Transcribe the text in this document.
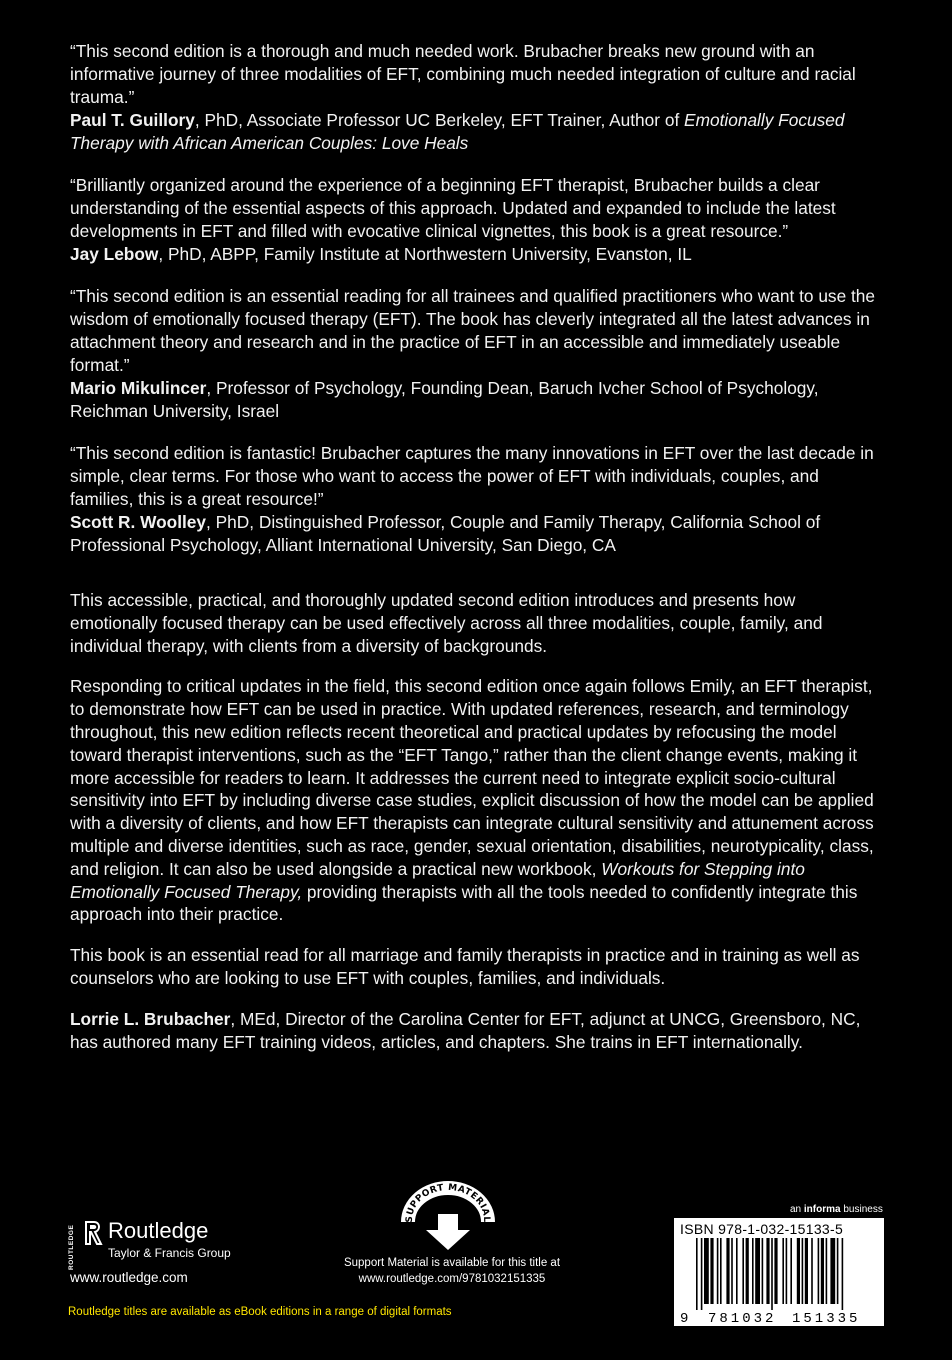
“This second edition is a thorough and much needed work. Brubacher breaks new ground with an informative journey of three modalities of EFT, combining much needed integration of culture and racial trauma.”
Paul T. Guillory, PhD, Associate Professor UC Berkeley, EFT Trainer, Author of Emotionally Focused Therapy with African American Couples: Love Heals
“Brilliantly organized around the experience of a beginning EFT therapist, Brubacher builds a clear understanding of the essential aspects of this approach. Updated and expanded to include the latest developments in EFT and filled with evocative clinical vignettes, this book is a great resource.”
Jay Lebow, PhD, ABPP, Family Institute at Northwestern University, Evanston, IL
“This second edition is an essential reading for all trainees and qualified practitioners who want to use the wisdom of emotionally focused therapy (EFT). The book has cleverly integrated all the latest advances in attachment theory and research and in the practice of EFT in an accessible and immediately useable format.”
Mario Mikulincer, Professor of Psychology, Founding Dean, Baruch Ivcher School of Psychology, Reichman University, Israel
“This second edition is fantastic! Brubacher captures the many innovations in EFT over the last decade in simple, clear terms. For those who want to access the power of EFT with individuals, couples, and families, this is a great resource!”
Scott R. Woolley, PhD, Distinguished Professor, Couple and Family Therapy, California School of Professional Psychology, Alliant International University, San Diego, CA

This accessible, practical, and thoroughly updated second edition introduces and presents how emotionally focused therapy can be used effectively across all three modalities, couple, family, and individual therapy, with clients from a diversity of backgrounds.

Responding to critical updates in the field, this second edition once again follows Emily, an EFT therapist, to demonstrate how EFT can be used in practice. With updated references, research, and terminology throughout, this new edition reflects recent theoretical and practical updates by refocusing the model toward therapist interventions, such as the “EFT Tango,” rather than the client change events, making it more accessible for readers to learn. It addresses the current need to integrate explicit socio-cultural sensitivity into EFT by including diverse case studies, explicit discussion of how the model can be applied with a diversity of clients, and how EFT therapists can integrate cultural sensitivity and attunement across multiple and diverse identities, such as race, gender, sexual orientation, disabilities, neurotypicality, class, and religion. It can also be used alongside a practical new workbook, Workouts for Stepping into Emotionally Focused Therapy, providing therapists with all the tools needed to confidently integrate this approach into their practice.

This book is an essential read for all marriage and family therapists in practice and in training as well as counselors who are looking to use EFT with couples, families, and individuals.

Lorrie L. Brubacher, MEd, Director of the Carolina Center for EFT, adjunct at UNCG, Greensboro, NC, has authored many EFT training videos, articles, and chapters. She trains in EFT internationally.

ROUTLEDGE	Routledge
Taylor & Francis Group
www.routledge.com
Routledge titles are available as eBook editions in a range of digital formats
SUPPORT MATERIAL
Support Material is available for this title at
www.routledge.com/9781032151335
an informa business
ISBN 978-1-032-15133-5
9 781032 151335
